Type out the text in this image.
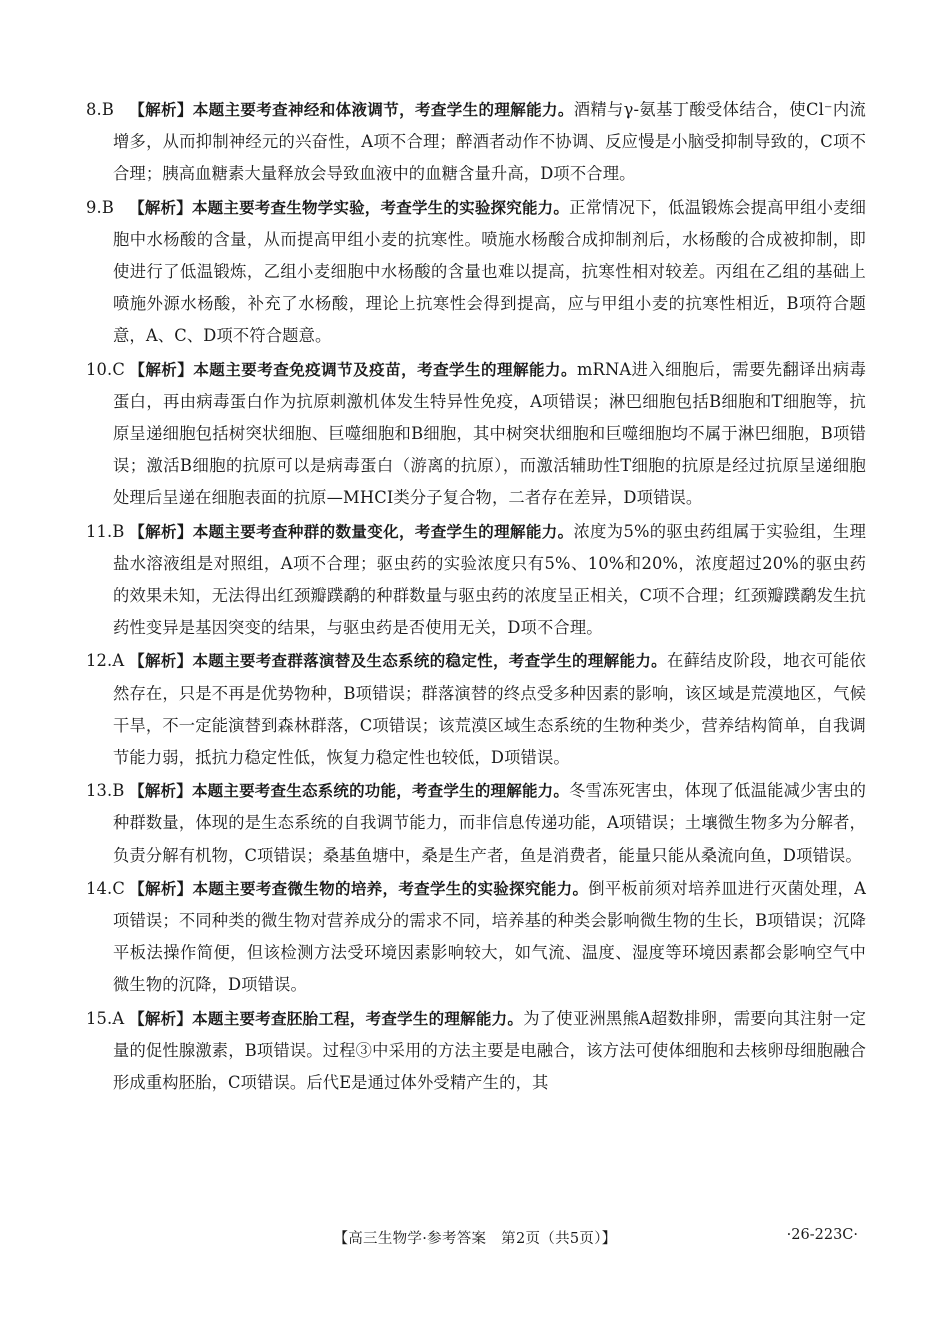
8.B 【解析】本题主要考查神经和体液调节，考查学生的理解能力。酒精与γ-氨基丁酸受体结合，使Cl⁻内流增多，从而抑制神经元的兴奋性，A项不合理；醉酒者动作不协调、反应慢是小脑受抑制导致的，C项不合理；胰高血糖素大量释放会导致血液中的血糖含量升高，D项不合理。
9.B 【解析】本题主要考查生物学实验，考查学生的实验探究能力。正常情况下，低温锻炼会提高甲组小麦细胞中水杨酸的含量，从而提高甲组小麦的抗寒性。喷施水杨酸合成抑制剂后，水杨酸的合成被抑制，即使进行了低温锻炼，乙组小麦细胞中水杨酸的含量也难以提高，抗寒性相对较差。丙组在乙组的基础上喷施外源水杨酸，补充了水杨酸，理论上抗寒性会得到提高，应与甲组小麦的抗寒性相近，B项符合题意，A、C、D项不符合题意。
10.C 【解析】本题主要考查免疫调节及疫苗，考查学生的理解能力。mRNA进入细胞后，需要先翻译出病毒蛋白，再由病毒蛋白作为抗原刺激机体发生特异性免疫，A项错误；淋巴细胞包括B细胞和T细胞等，抗原呈递细胞包括树突状细胞、巨噬细胞和B细胞，其中树突状细胞和巨噬细胞均不属于淋巴细胞，B项错误；激活B细胞的抗原可以是病毒蛋白（游离的抗原），而激活辅助性T细胞的抗原是经过抗原呈递细胞处理后呈递在细胞表面的抗原—MHCⅠ类分子复合物，二者存在差异，D项错误。
11.B 【解析】本题主要考查种群的数量变化，考查学生的理解能力。浓度为5%的驱虫药组属于实验组，生理盐水溶液组是对照组，A项不合理；驱虫药的实验浓度只有5%、10%和20%，浓度超过20%的驱虫药的效果未知，无法得出红颈瓣蹼鹬的种群数量与驱虫药的浓度呈正相关，C项不合理；红颈瓣蹼鹬发生抗药性变异是基因突变的结果，与驱虫药是否使用无关，D项不合理。
12.A 【解析】本题主要考查群落演替及生态系统的稳定性，考查学生的理解能力。在藓结皮阶段，地衣可能依然存在，只是不再是优势物种，B项错误；群落演替的终点受多种因素的影响，该区域是荒漠地区，气候干旱，不一定能演替到森林群落，C项错误；该荒漠区域生态系统的生物种类少，营养结构简单，自我调节能力弱，抵抗力稳定性低，恢复力稳定性也较低，D项错误。
13.B 【解析】本题主要考查生态系统的功能，考查学生的理解能力。冬雪冻死害虫，体现了低温能减少害虫的种群数量，体现的是生态系统的自我调节能力，而非信息传递功能，A项错误；土壤微生物多为分解者，负责分解有机物，C项错误；桑基鱼塘中，桑是生产者，鱼是消费者，能量只能从桑流向鱼，D项错误。
14.C 【解析】本题主要考查微生物的培养，考查学生的实验探究能力。倒平板前须对培养皿进行灭菌处理，A项错误；不同种类的微生物对营养成分的需求不同，培养基的种类会影响微生物的生长，B项错误；沉降平板法操作简便，但该检测方法受环境因素影响较大，如气流、温度、湿度等环境因素都会影响空气中微生物的沉降，D项错误。
15.A 【解析】本题主要考查胚胎工程，考查学生的理解能力。为了使亚洲黑熊A超数排卵，需要向其注射一定量的促性腺激素，B项错误。过程③中采用的方法主要是电融合，该方法可使体细胞和去核卵母细胞融合形成重构胚胎，C项错误。后代E是通过体外受精产生的，其
【高三生物学·参考答案　第2页（共5页）】	·26-223C·
